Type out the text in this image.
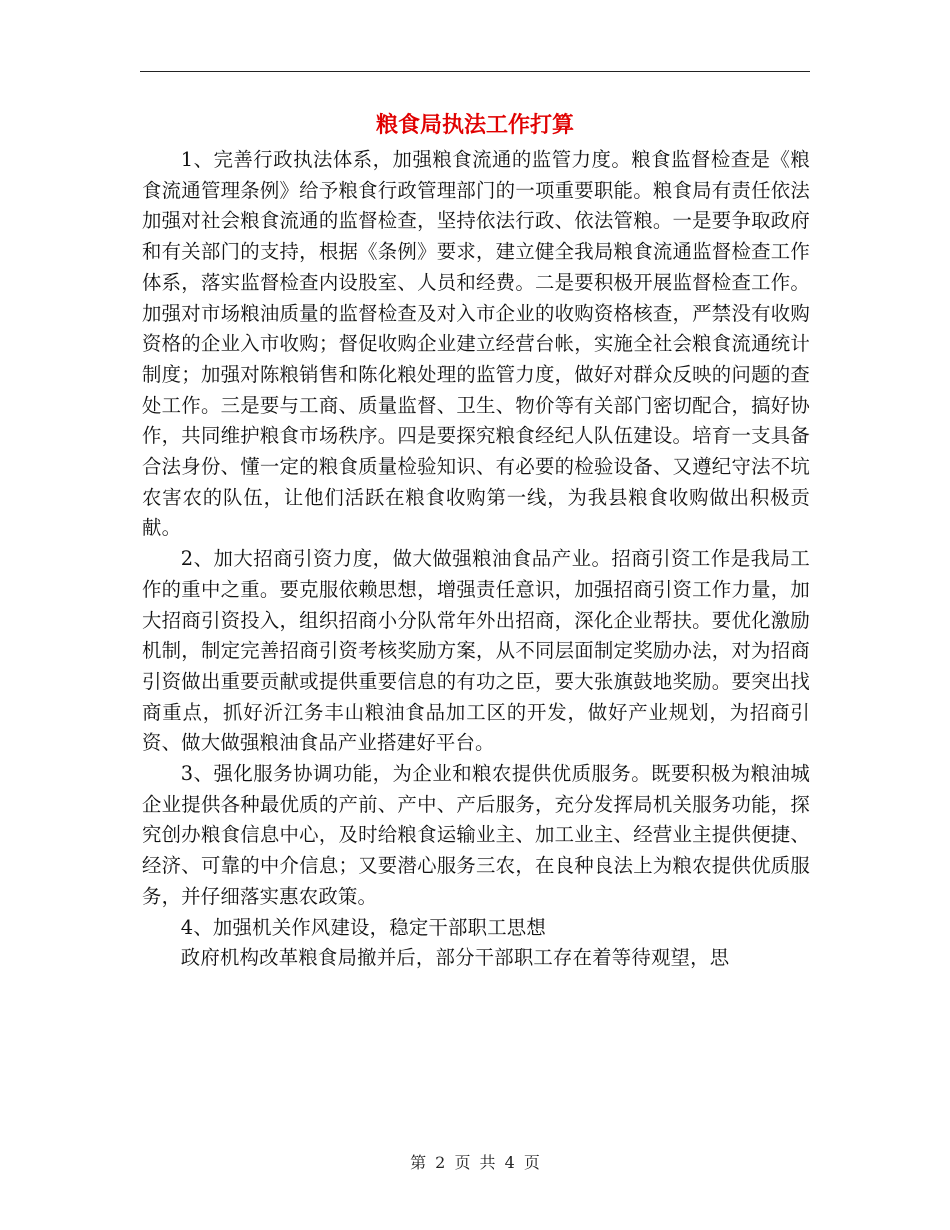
粮食局执法工作打算

1、完善行政执法体系，加强粮食流通的监管力度。粮食监督检查是《粮食流通管理条例》给予粮食行政管理部门的一项重要职能。粮食局有责任依法加强对社会粮食流通的监督检查，坚持依法行政、依法管粮。一是要争取政府和有关部门的支持，根据《条例》要求，建立健全我局粮食流通监督检查工作体系，落实监督检查内设股室、人员和经费。二是要积极开展监督检查工作。加强对市场粮油质量的监督检查及对入市企业的收购资格核查，严禁没有收购资格的企业入市收购；督促收购企业建立经营台帐，实施全社会粮食流通统计制度；加强对陈粮销售和陈化粮处理的监管力度，做好对群众反映的问题的查处工作。三是要与工商、质量监督、卫生、物价等有关部门密切配合，搞好协作，共同维护粮食市场秩序。四是要探究粮食经纪人队伍建设。培育一支具备合法身份、懂一定的粮食质量检验知识、有必要的检验设备、又遵纪守法不坑农害农的队伍，让他们活跃在粮食收购第一线，为我县粮食收购做出积极贡献。

2、加大招商引资力度，做大做强粮油食品产业。招商引资工作是我局工作的重中之重。要克服依赖思想，增强责任意识，加强招商引资工作力量，加大招商引资投入，组织招商小分队常年外出招商，深化企业帮扶。要优化激励机制，制定完善招商引资考核奖励方案，从不同层面制定奖励办法，对为招商引资做出重要贡献或提供重要信息的有功之臣，要大张旗鼓地奖励。要突出找商重点，抓好沂江务丰山粮油食品加工区的开发，做好产业规划，为招商引资、做大做强粮油食品产业搭建好平台。

3、强化服务协调功能，为企业和粮农提供优质服务。既要积极为粮油城企业提供各种最优质的产前、产中、产后服务，充分发挥局机关服务功能，探究创办粮食信息中心，及时给粮食运输业主、加工业主、经营业主提供便捷、经济、可靠的中介信息；又要潜心服务三农，在良种良法上为粮农提供优质服务，并仔细落实惠农政策。

4、加强机关作风建设，稳定干部职工思想

政府机构改革粮食局撤并后，部分干部职工存在着等待观望，思

第 2 页 共 4 页
